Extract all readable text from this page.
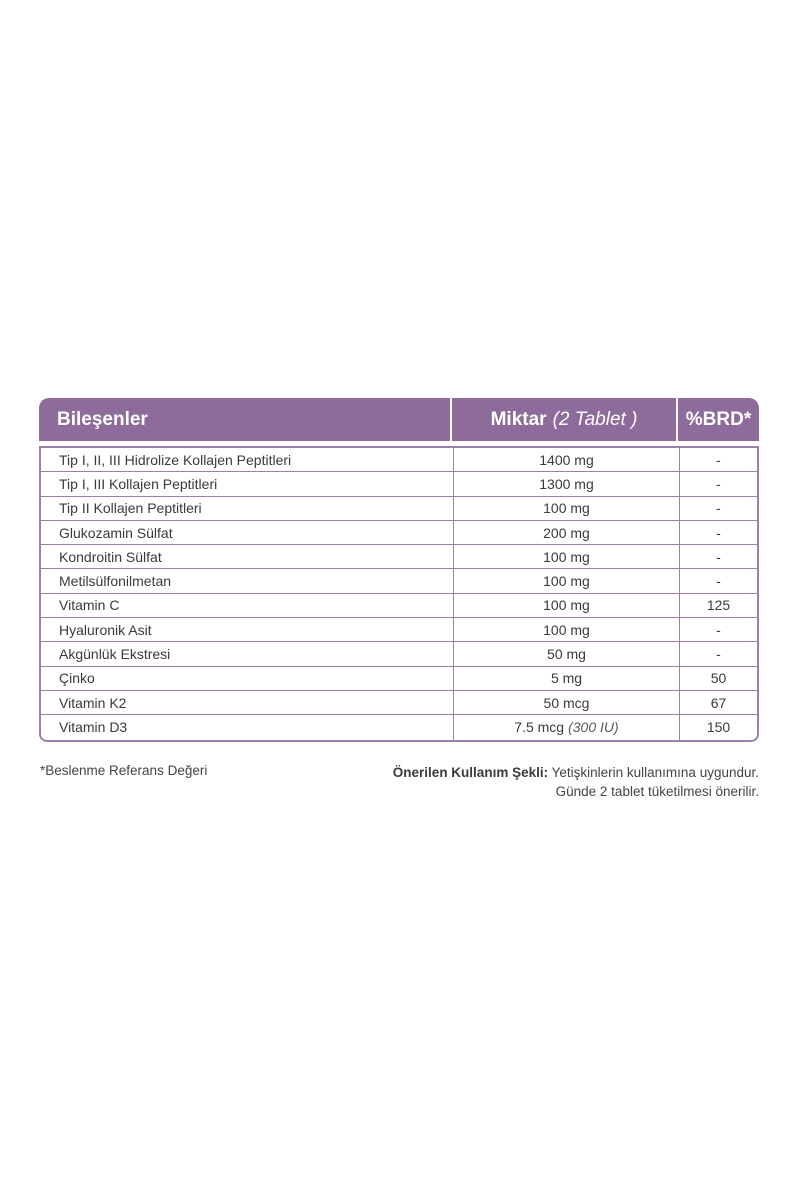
Bileşenler	Miktar (2 Tablet )	%BRD*
Tip I, II, III Hidrolize Kollajen Peptitleri	1400 mg	-
Tip I, III Kollajen Peptitleri	1300 mg	-
Tip II Kollajen Peptitleri	100 mg	-
Glukozamin Sülfat	200 mg	-
Kondroitin Sülfat	100 mg	-
Metilsülfonilmetan	100 mg	-
Vitamin C	100 mg	125
Hyaluronik Asit	100 mg	-
Akgünlük Ekstresi	50 mg	-
Çinko	5 mg	50
Vitamin K2	50 mcg	67
Vitamin D3	7.5 mcg (300 IU)	150
*Beslenme Referans Değeri	Önerilen Kullanım Şekli: Yetişkinlerin kullanımına uygundur.
Günde 2 tablet tüketilmesi önerilir.
